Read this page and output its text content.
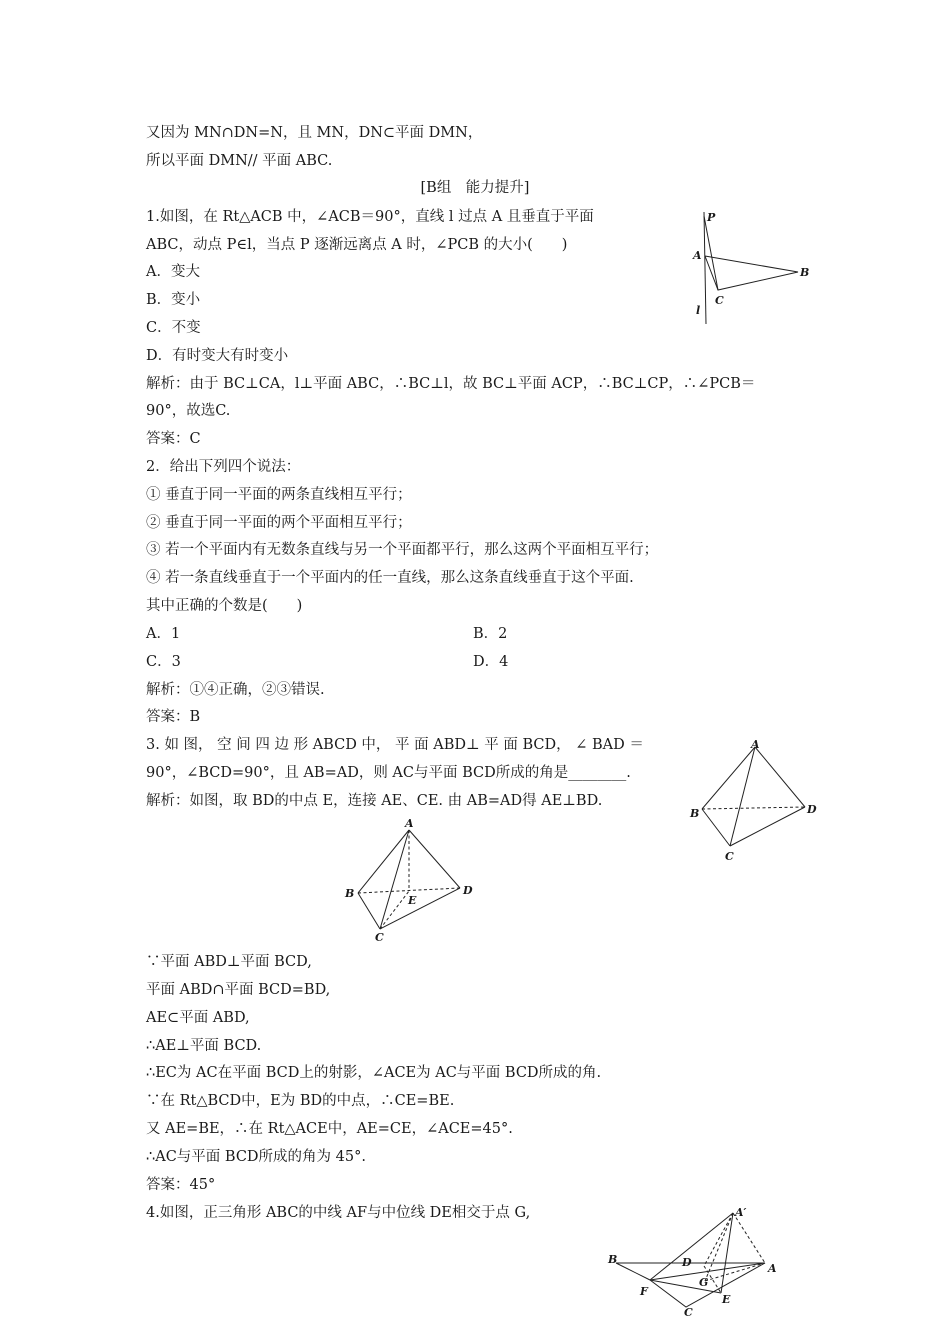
又因为 MN∩DN=N，且 MN，DN⊂平面 DMN，
所以平面 DMN// 平面 ABC.
[B组　能力提升]
1.如图，在 Rt△ACB 中，∠ACB＝90°，直线 l 过点 A 且垂直于平面
ABC，动点 P∈l，当点 P 逐渐远离点 A 时，∠PCB 的大小(　　)
A．变大
B．变小
C．不变
D．有时变大有时变小
解析：由于 BC⊥CA，l⊥平面 ABC，∴BC⊥l，故 BC⊥平面 ACP，∴BC⊥CP，∴∠PCB＝
90°，故选C.
答案：C
2．给出下列四个说法：
① 垂直于同一平面的两条直线相互平行；
② 垂直于同一平面的两个平面相互平行；
③ 若一个平面内有无数条直线与另一个平面都平行，那么这两个平面相互平行；
④ 若一条直线垂直于一个平面内的任一直线，那么这条直线垂直于这个平面.
其中正确的个数是(　　)
A．1	B．2
C．3	D．4
解析：①④正确，②③错误.
答案：B
3. 如 图， 空 间 四 边 形 ABCD 中， 平 面 ABD⊥ 平 面 BCD， ∠ BAD ＝
90°，∠BCD=90°，且 AB=AD，则 AC与平面 BCD所成的角是________.
解析：如图，取 BD的中点 E，连接 AE、CE. 由 AB=AD得 AE⊥BD.
∵平面 ABD⊥平面 BCD,
平面 ABD∩平面 BCD=BD,
AE⊂平面 ABD,
∴AE⊥平面 BCD.
∴EC为 AC在平面 BCD上的射影，∠ACE为 AC与平面 BCD所成的角.
∵在 Rt△BCD中，E为 BD的中点，∴CE=BE.
又 AE=BE，∴在 Rt△ACE中，AE=CE，∠ACE=45°.
∴AC与平面 BCD所成的角为 45°.
答案：45°
4.如图，正三角形 ABC的中线 AF与中位线 DE相交于点 G,
P
A
B
C
l
A
B
C
D
A
B
C
D
E
A′
A
B
C
D
E
F
G
